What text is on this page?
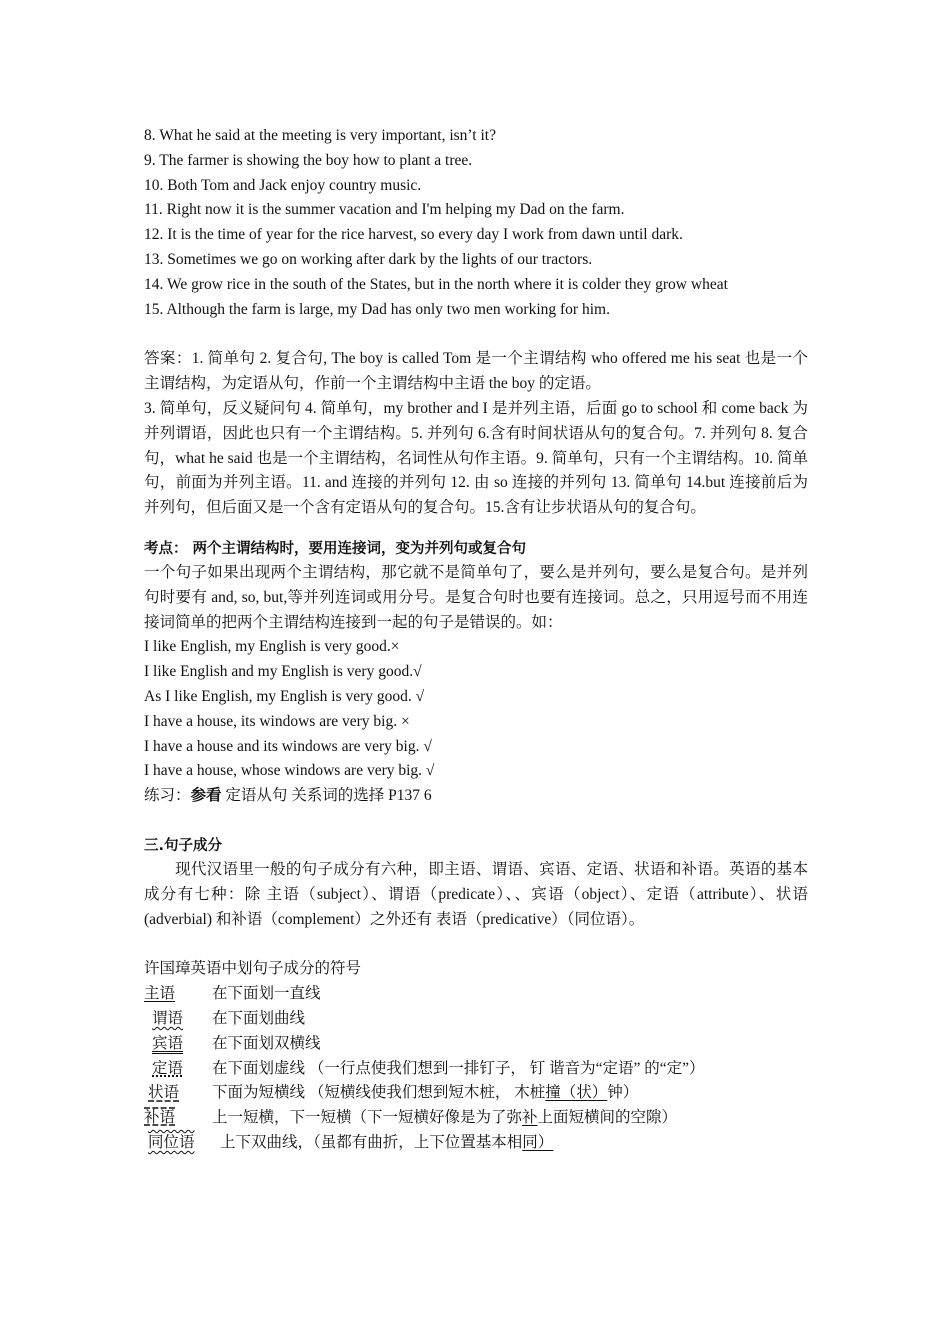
8. What he said at the meeting is very important, isn’t it?
9. The farmer is showing the boy how to plant a tree.
10. Both Tom and Jack enjoy country music.
11. Right now it is the summer vacation and I'm helping my Dad on the farm.
12. It is the time of year for the rice harvest, so every day I work from dawn until dark.
13. Sometimes we go on working after dark by the lights of our tractors.
14. We grow rice in the south of the States, but in the north where it is colder they grow wheat
15. Although the farm is large, my Dad has only two men working for him.
答案：1. 简单句 2. 复合句, The boy is called Tom 是一个主谓结构 who offered me his seat 也是一个主谓结构，为定语从句，作前一个主谓结构中主语 the boy 的定语。
3. 简单句，反义疑问句 4. 简单句，my brother and I 是并列主语，后面 go to school 和 come back 为并列谓语，因此也只有一个主谓结构。5. 并列句 6.含有时间状语从句的复合句。7. 并列句 8. 复合句，what he said 也是一个主谓结构，名词性从句作主语。9. 简单句，只有一个主谓结构。10. 简单句，前面为并列主语。11. and 连接的并列句 12. 由 so 连接的并列句 13. 简单句 14.but 连接前后为并列句，但后面又是一个含有定语从句的复合句。15.含有让步状语从句的复合句。
考点： 两个主谓结构时，要用连接词，变为并列句或复合句
一个句子如果出现两个主谓结构，那它就不是简单句了，要么是并列句，要么是复合句。是并列句时要有 and, so, but,等并列连词或用分号。是复合句时也要有连接词。总之，只用逗号而不用连接词简单的把两个主谓结构连接到一起的句子是错误的。如：
I like English, my English is very good.×
I like English and my English is very good.√
As I like English, my English is very good. √
I have a house, its windows are very big. ×
I have a house and its windows are very big. √
I have a house, whose windows are very big. √
练习：参看 定语从句 关系词的选择 P137 6
三.句子成分
现代汉语里一般的句子成分有六种，即主语、谓语、宾语、定语、状语和补语。英语的基本成分有七种：除 主语（subject）、谓语（predicate）、、宾语（object）、定语（attribute）、状语(adverbial) 和补语（complement）之外还有 表语（predicative）（同位语）。
许国璋英语中划句子成分的符号
主语	在下面划一直线
谓语	在下面划曲线
宾语	在下面划双横线
定语	在下面划虚线 （一行点使我们想到一排钉子， 钉 谐音为“定语” 的“定”）
状语	下面为短横线 （短横线使我们想到短木桩， 木桩撞（状）钟）
补语	上一短横，下一短横（下一短横好像是为了弥补上面短横间的空隙）
同位语	上下双曲线，（虽都有曲折，上下位置基本相同）
